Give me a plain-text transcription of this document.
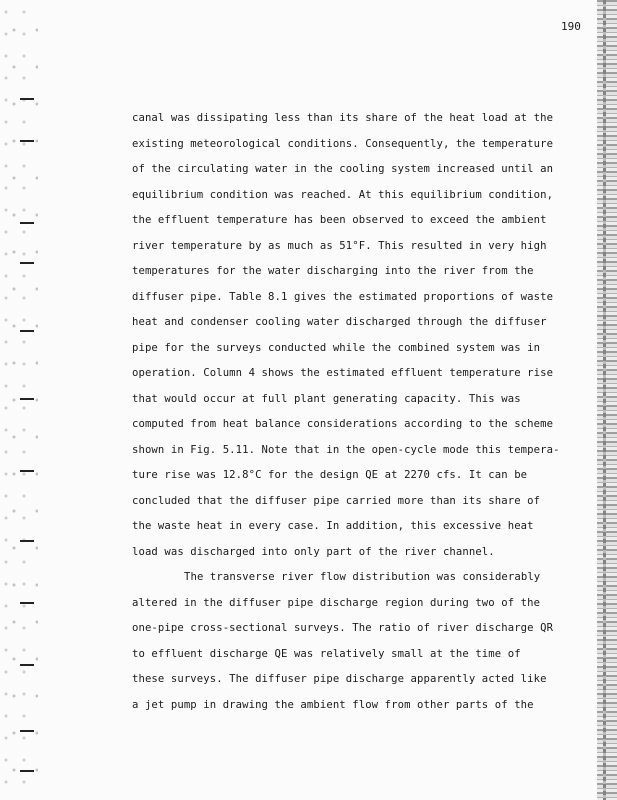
190
canal was dissipating less than its share of the heat load at the
existing meteorological conditions. Consequently, the temperature
of the circulating water in the cooling system increased until an
equilibrium condition was reached. At this equilibrium condition,
the effluent temperature has been observed to exceed the ambient
river temperature by as much as 51°F. This resulted in very high
temperatures for the water discharging into the river from the
diffuser pipe. Table 8.1 gives the estimated proportions of waste
heat and condenser cooling water discharged through the diffuser
pipe for the surveys conducted while the combined system was in
operation. Column 4 shows the estimated effluent temperature rise
that would occur at full plant generating capacity. This was
computed from heat balance considerations according to the scheme
shown in Fig. 5.11. Note that in the open-cycle mode this tempera-
ture rise was 12.8°C for the design QE at 2270 cfs. It can be
concluded that the diffuser pipe carried more than its share of
the waste heat in every case. In addition, this excessive heat
load was discharged into only part of the river channel.
The transverse river flow distribution was considerably
altered in the diffuser pipe discharge region during two of the
one-pipe cross-sectional surveys. The ratio of river discharge QR
to effluent discharge QE was relatively small at the time of
these surveys. The diffuser pipe discharge apparently acted like
a jet pump in drawing the ambient flow from other parts of the
